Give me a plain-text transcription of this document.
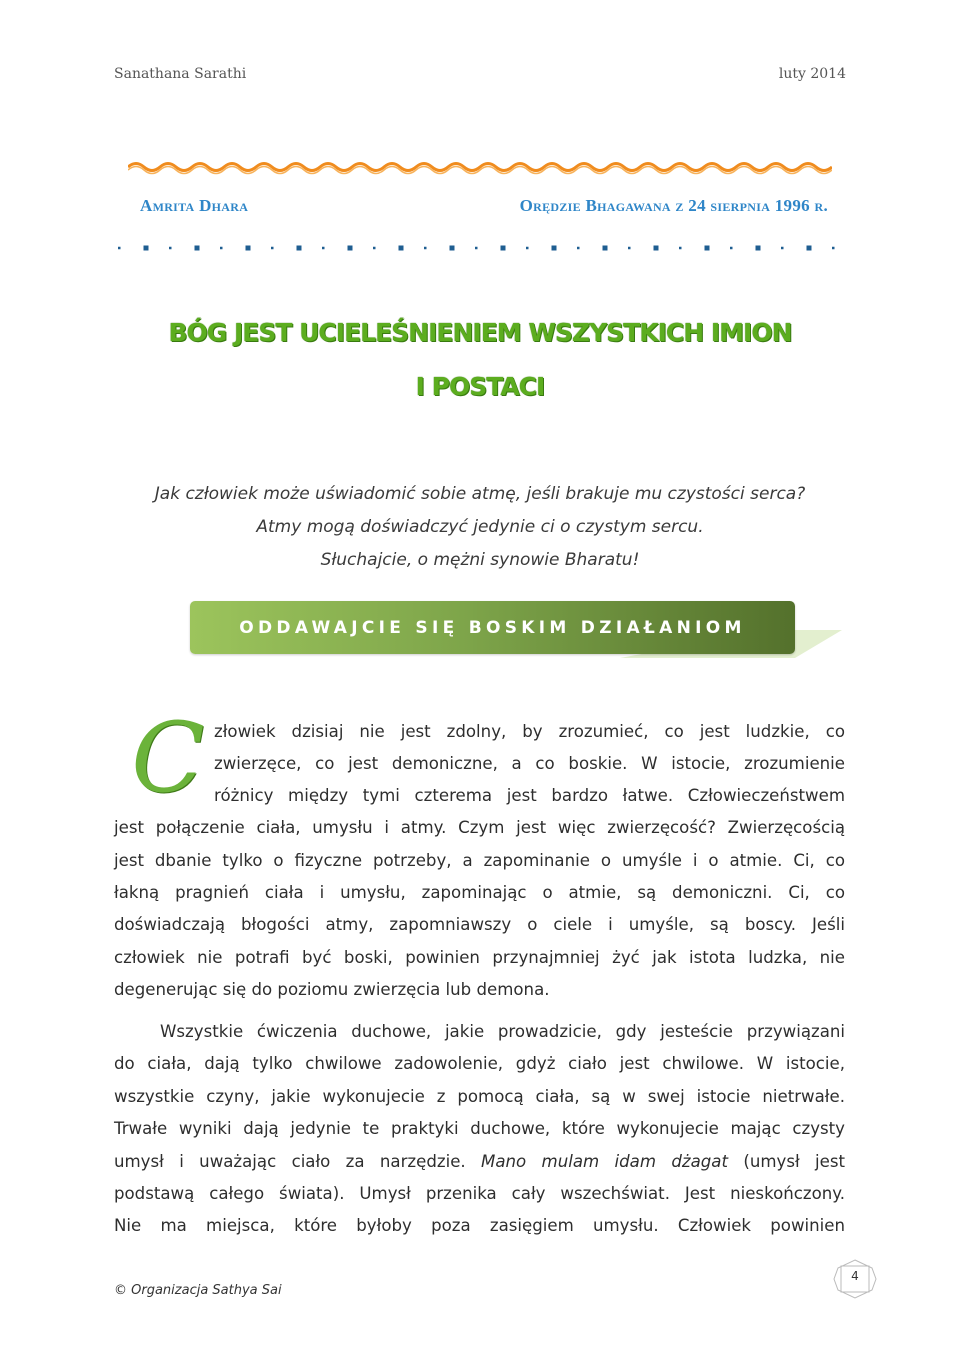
Sanathana Sarathi	luty 2014
Amrita Dhara	Orędzie Bhagawana z 24 sierpnia 1996 r.
BÓG JEST UCIELEŚNIENIEM WSZYSTKICH IMION
I POSTACI
Jak człowiek może uświadomić sobie atmę, jeśli brakuje mu czystości serca?
Atmy mogą doświadczyć jedynie ci o czystym sercu.
Słuchajcie, o mężni synowie Bharatu!
ODDAWAJCIE SIĘ BOSKIM DZIAŁANIOM
C złowiek dzisiaj nie jest zdolny, by zrozumieć, co jest ludzkie, co
zwierzęce, co jest demoniczne, a co boskie. W istocie, zrozumienie
różnicy między tymi czterema jest bardzo łatwe. Człowieczeństwem
jest połączenie ciała, umysłu i atmy. Czym jest więc zwierzęcość? Zwierzęcością
jest dbanie tylko o fizyczne potrzeby, a zapominanie o umyśle i o atmie. Ci, co
łakną pragnień ciała i umysłu, zapominając o atmie, są demoniczni. Ci, co
doświadczają błogości atmy, zapomniawszy o ciele i umyśle, są boscy. Jeśli
człowiek nie potrafi być boski, powinien przynajmniej żyć jak istota ludzka, nie
degenerując się do poziomu zwierzęcia lub demona.
Wszystkie ćwiczenia duchowe, jakie prowadzicie, gdy jesteście przywiązani
do ciała, dają tylko chwilowe zadowolenie, gdyż ciało jest chwilowe. W istocie,
wszystkie czyny, jakie wykonujecie z pomocą ciała, są w swej istocie nietrwałe.
Trwałe wyniki dają jedynie te praktyki duchowe, które wykonujecie mając czysty
umysł i uważając ciało za narzędzie. Mano mulam idam dżagat (umysł jest
podstawą całego świata). Umysł przenika cały wszechświat. Jest nieskończony.
Nie ma miejsca, które byłoby poza zasięgiem umysłu. Człowiek powinien
© Organizacja Sathya Sai
4
